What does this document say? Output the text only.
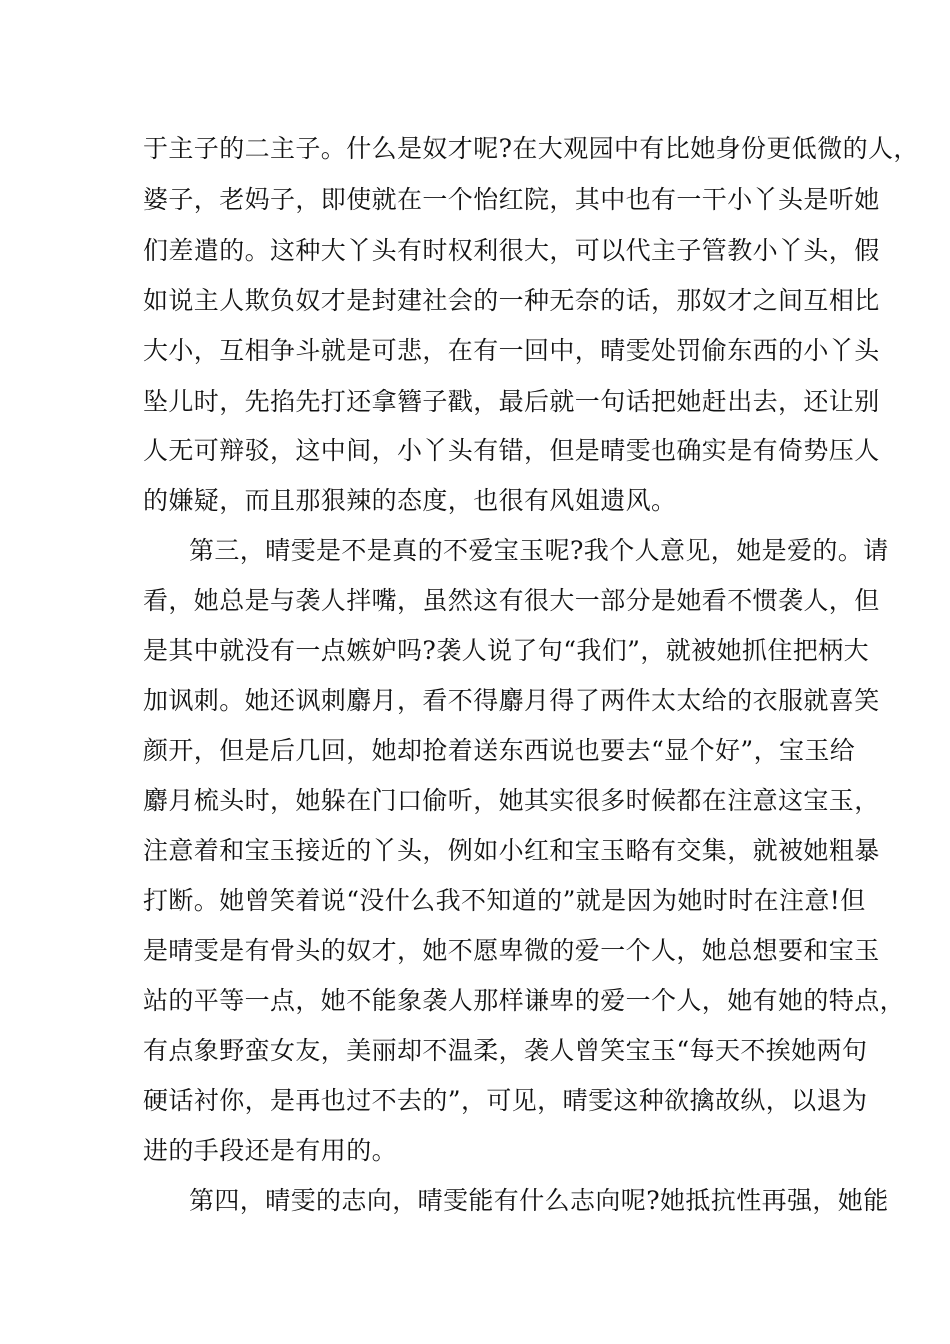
于主子的二主子。什么是奴才呢?在大观园中有比她身份更低微的人，
婆子，老妈子，即使就在一个怡红院，其中也有一干小丫头是听她
们差遣的。这种大丫头有时权利很大，可以代主子管教小丫头，假
如说主人欺负奴才是封建社会的一种无奈的话，那奴才之间互相比
大小，互相争斗就是可悲，在有一回中，晴雯处罚偷东西的小丫头
坠儿时，先掐先打还拿簪子戳，最后就一句话把她赶出去，还让别
人无可辩驳，这中间，小丫头有错，但是晴雯也确实是有倚势压人
的嫌疑，而且那狠辣的态度，也很有风姐遗风。
第三，晴雯是不是真的不爱宝玉呢?我个人意见，她是爱的。请
看，她总是与袭人拌嘴，虽然这有很大一部分是她看不惯袭人，但
是其中就没有一点嫉妒吗?袭人说了句“我们”，就被她抓住把柄大
加讽刺。她还讽刺麝月，看不得麝月得了两件太太给的衣服就喜笑
颜开，但是后几回，她却抢着送东西说也要去“显个好”，宝玉给
麝月梳头时，她躲在门口偷听，她其实很多时候都在注意这宝玉，
注意着和宝玉接近的丫头，例如小红和宝玉略有交集，就被她粗暴
打断。她曾笑着说“没什么我不知道的”就是因为她时时在注意!但
是晴雯是有骨头的奴才，她不愿卑微的爱一个人，她总想要和宝玉
站的平等一点，她不能象袭人那样谦卑的爱一个人，她有她的特点，
有点象野蛮女友，美丽却不温柔，袭人曾笑宝玉“每天不挨她两句
硬话衬你，是再也过不去的”，可见，晴雯这种欲擒故纵，以退为
进的手段还是有用的。
第四，晴雯的志向，晴雯能有什么志向呢?她抵抗性再强，她能
